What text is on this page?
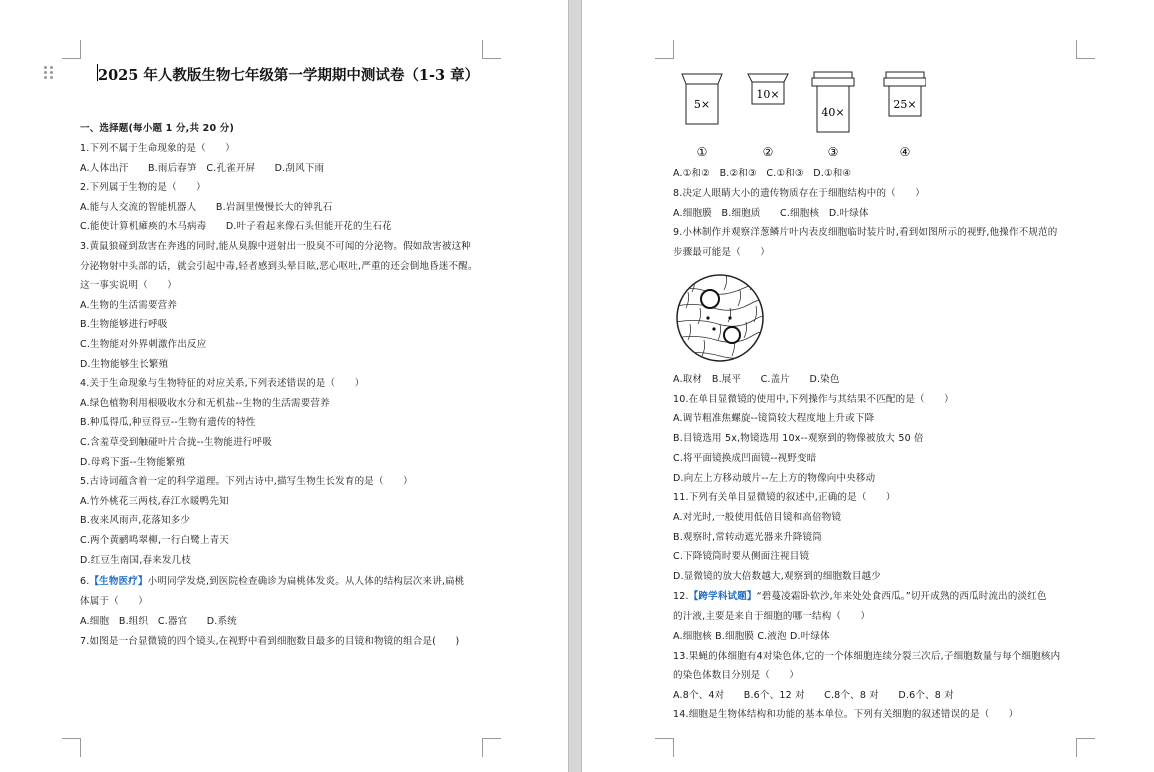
2025 年人教版生物七年级第一学期期中测试卷（1-3 章）
一、选择题(每小题 1 分,共 20 分)
1.下列不属于生命现象的是（　　）
A.人体出汗　　B.雨后春笋　C.孔雀开屏　　D.刮风下雨
2.下列属于生物的是（　　）
A.能与人交流的智能机器人　　B.岩洞里慢慢长大的钟乳石
C.能使计算机瘫痪的木马病毒　　D.叶子看起来像石头但能开花的生石花
3.黄鼠狼碰到敌害在奔逃的同时,能从臭腺中迸射出一股臭不可闻的分泌物。假如敌害被这种
分泌物射中头部的话，就会引起中毒,轻者感到头晕目眩,恶心呕吐,严重的还会倒地昏迷不醒。
这一事实说明（　　）
A.生物的生活需要营养
B.生物能够进行呼吸
C.生物能对外界刺激作出反应
D.生物能够生长繁殖
4.关于生命现象与生物特征的对应关系,下列表述错误的是（　　）
A.绿色植物利用根吸收水分和无机盐--生物的生活需要营养
B.种瓜得瓜,种豆得豆--生物有遗传的特性
C.含羞草受到触碰叶片合拢--生物能进行呼吸
D.母鸡下蛋--生物能繁殖
5.古诗词蕴含着一定的科学道理。下列古诗中,描写生物生长发育的是（　　）
A.竹外桃花三两枝,春江水暖鸭先知
B.夜来风雨声,花落知多少
C.两个黄鹂鸣翠柳,一行白鹭上青天
D.红豆生南国,春来发几枝
6.【生物医疗】小明同学发烧,到医院检查确诊为扁桃体发炎。从人体的结构层次来讲,扁桃
体属于（　　）
A.细胞　B.组织　C.器官　　D.系统
7.如图是一台显微镜的四个镜头,在视野中看到细胞数目最多的目镜和物镜的组合是(　　)
5×
10×
40×
25×
①	②	③	④
A.①和②　B.②和③　C.①和③　D.①和④
8.决定人眼睛大小的遗传物质存在于细胞结构中的（　　）
A.细胞膜　B.细胞质　　C.细胞核　D.叶绿体
9.小林制作并观察洋葱鳞片叶内表皮细胞临时装片时,看到如图所示的视野,他操作不规范的
步骤最可能是（　　）
A.取材　B.展平　　C.盖片　　D.染色
10.在单目显微镜的使用中,下列操作与其结果不匹配的是（　　）
A.调节粗准焦螺旋--镜筒较大程度地上升或下降
B.目镜选用 5x,物镜选用 10x--观察到的物像被放大 50 倍
C.将平面镜换成凹面镜--视野变暗
D.向左上方移动玻片--左上方的物像向中央移动
11.下列有关单目显微镜的叙述中,正确的是（　　）
A.对光时,一般使用低倍目镜和高倍物镜
B.观察时,常转动遮光器来升降镜筒
C.下降镜筒时要从侧面注视目镜
D.显微镜的放大倍数越大,观察到的细胞数目越少
12.【跨学科试题】“碧蔓凌霜卧软沙,年来处处食西瓜。”切开成熟的西瓜时流出的淡红色
的汁液,主要是来自于细胞的哪一结构（　　）
A.细胞核 B.细胞膜 C.液泡 D.叶绿体
13.果蝇的体细胞有4对染色体,它的一个体细胞连续分裂三次后,子细胞数量与每个细胞核内
的染色体数目分别是（　　）
A.8个、4对　　B.6个、12 对　　C.8个、8 对　　D.6个、8 对
14.细胞是生物体结构和功能的基本单位。下列有关细胞的叙述错误的是（　　）
